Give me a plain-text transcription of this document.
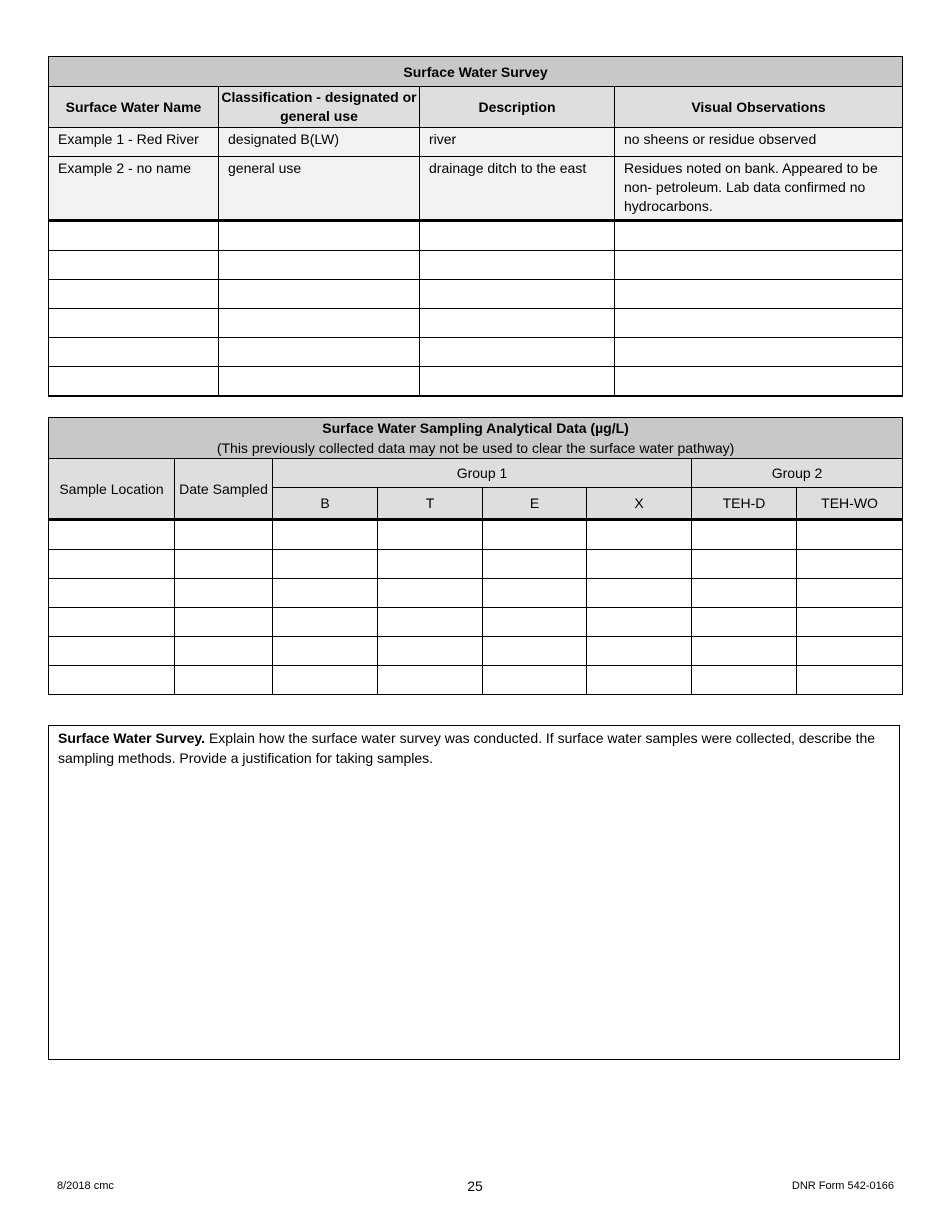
Surface Water Survey			
Surface Water Name	Classification - designated or general use	Description	Visual Observations
Example 1 - Red River	designated B(LW)	river	no sheens or residue observed
Example 2 - no name	general use	drainage ditch to the east	Residues noted on bank. Appeared to be non- petroleum. Lab data confirmed no hydrocarbons.

Surface Water Sampling Analytical Data (µg/L)
(This previously collected data may not be used to clear the surface water pathway)							

Sample Location	Date Sampled	Group 1				Group 2	
		B	T	E	X	TEH-D	TEH-WO

Surface Water Survey. Explain how the surface water survey was conducted. If surface water samples were collected, describe the sampling methods. Provide a justification for taking samples.
8/2018 cmc	25	DNR Form 542-0166
